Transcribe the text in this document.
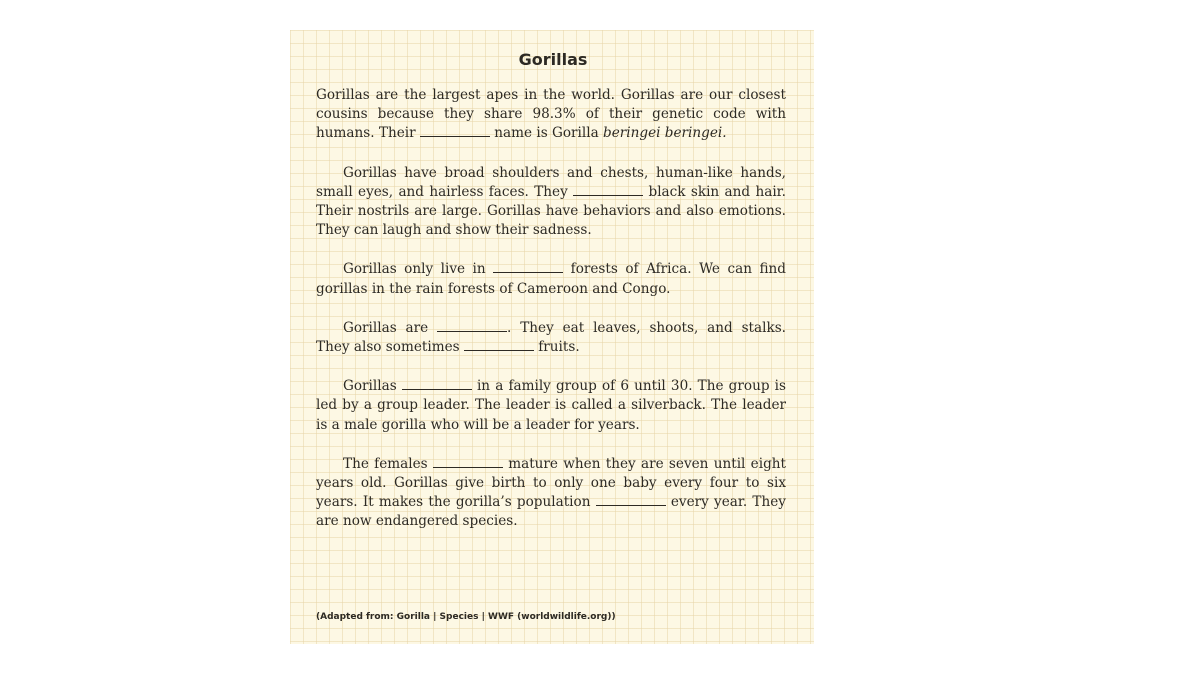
Gorillas

Gorillas are the largest apes in the world. Gorillas are our closest cousins because they share 98.3% of their genetic code with humans. Their	name is Gorilla beringei beringei.

Gorillas have broad shoulders and chests, human-like hands, small eyes, and hairless faces. They	black skin and hair. Their nostrils are large. Gorillas have behaviors and also emotions. They can laugh and show their sadness.

Gorillas only live in	forests of Africa. We can find gorillas in the rain forests of Cameroon and Congo.

Gorillas are	. They eat leaves, shoots, and stalks. They also sometimes	fruits.

Gorillas	in a family group of 6 until 30. The group is led by a group leader. The leader is called a silverback. The leader is a male gorilla who will be a leader for years.

The females	mature when they are seven until eight years old. Gorillas give birth to only one baby every four to six years. It makes the gorilla’s population	every year. They are now endangered species.

(Adapted from: Gorilla | Species | WWF (worldwildlife.org))
